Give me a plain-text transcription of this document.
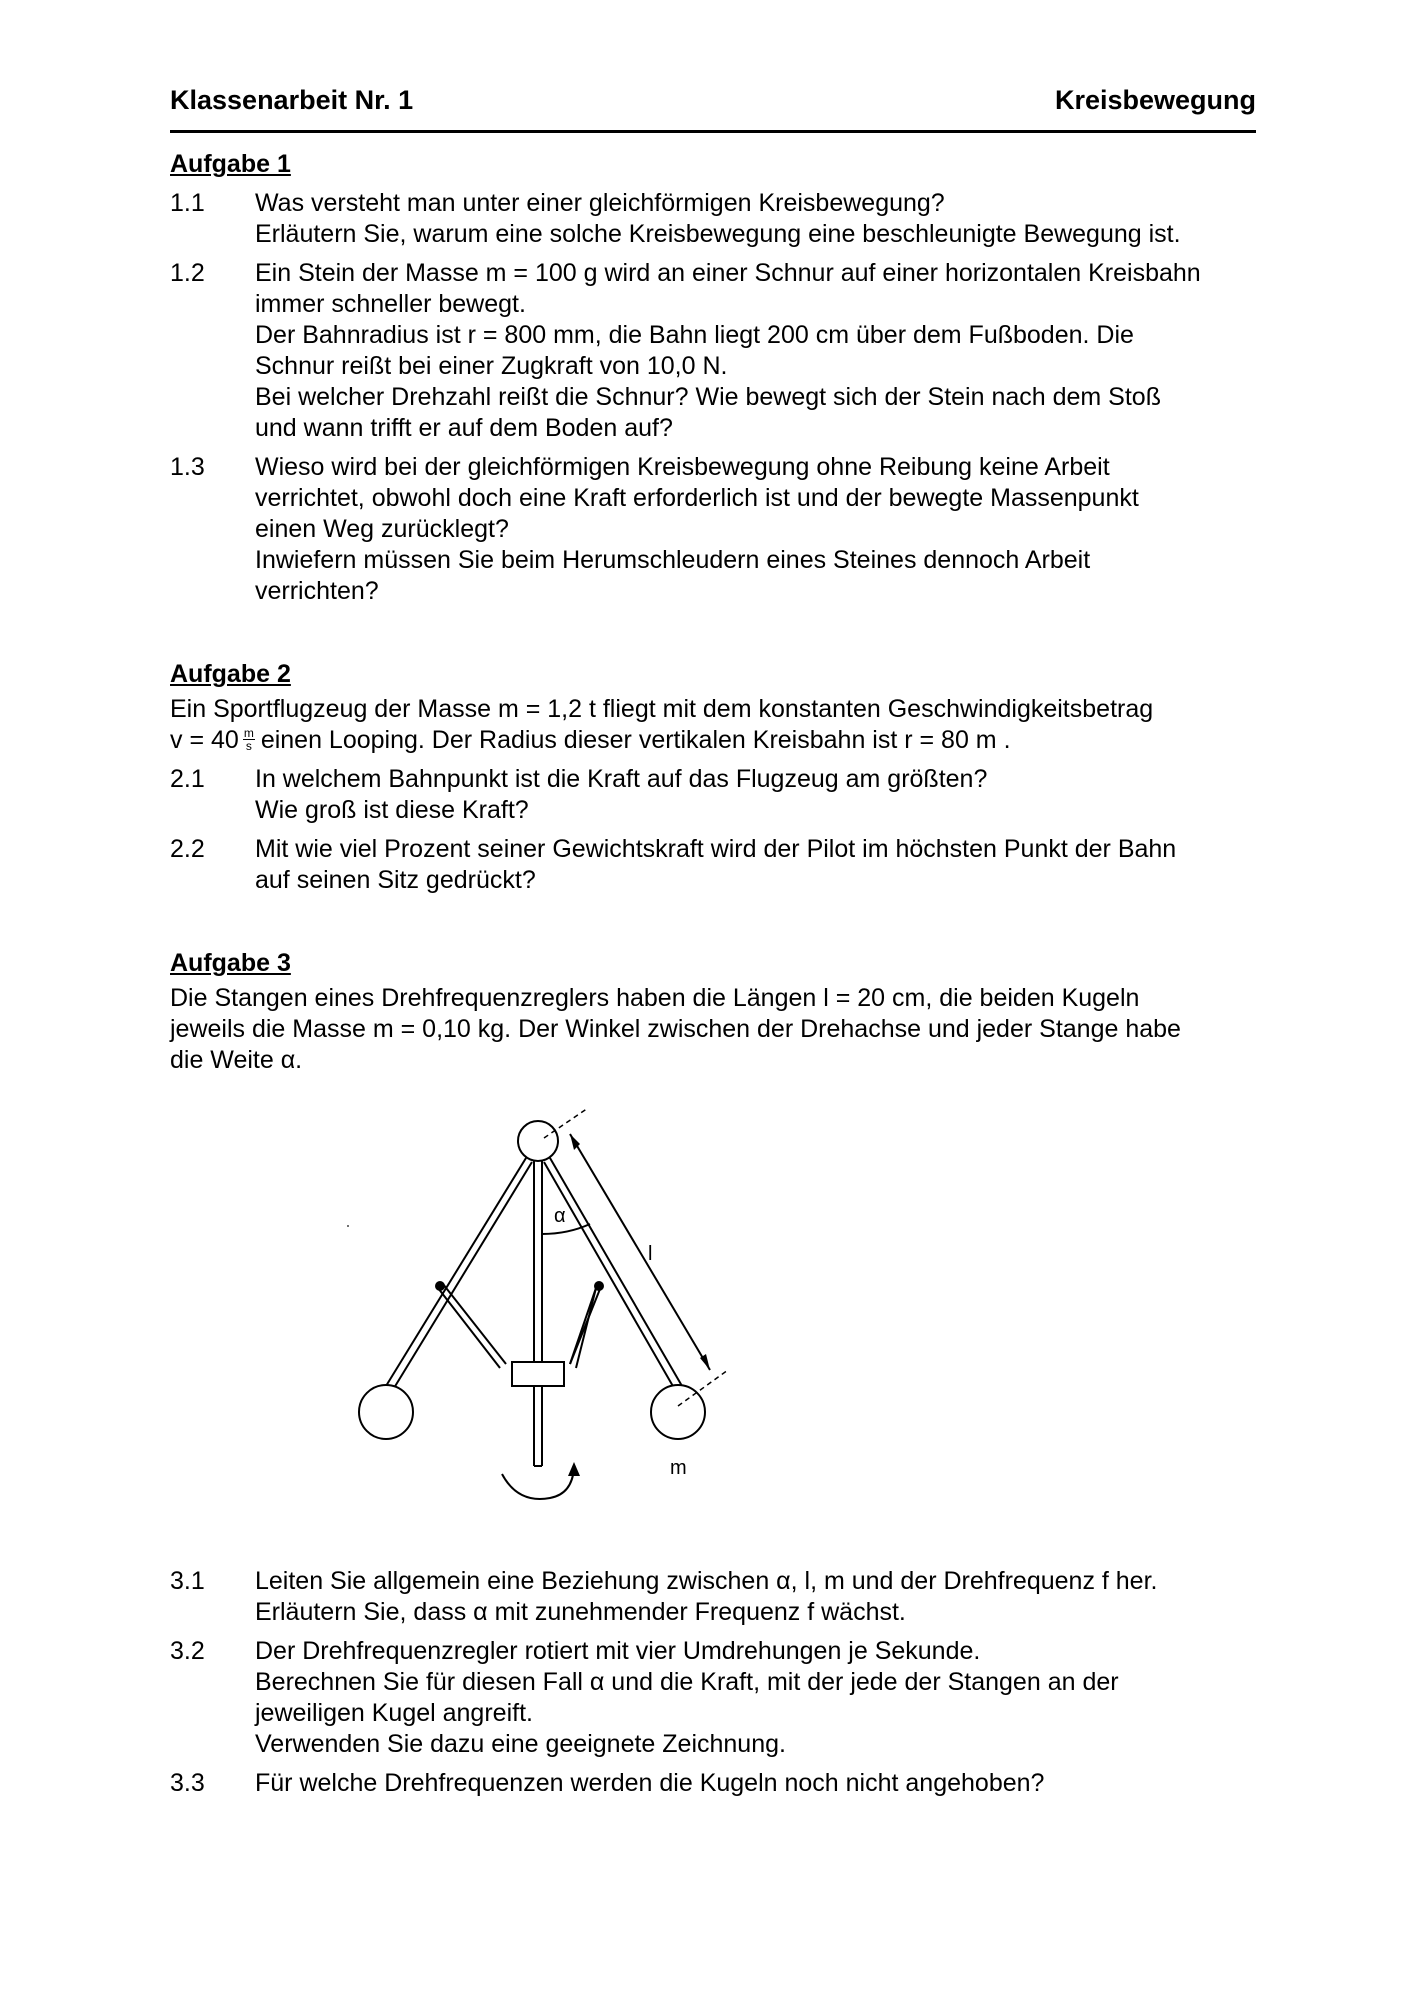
Klassenarbeit Nr. 1	Kreisbewegung
Aufgabe 1
1.1	Was versteht man unter einer gleichförmigen Kreisbewegung?
Erläutern Sie, warum eine solche Kreisbewegung eine beschleunigte Bewegung ist.
1.2	Ein Stein der Masse m = 100 g wird an einer Schnur auf einer horizontalen Kreisbahn
immer schneller bewegt.
Der Bahnradius ist r = 800 mm, die Bahn liegt 200 cm über dem Fußboden. Die
Schnur reißt bei einer Zugkraft von 10,0 N.
Bei welcher Drehzahl reißt die Schnur? Wie bewegt sich der Stein nach dem Stoß
und wann trifft er auf dem Boden auf?
1.3	Wieso wird bei der gleichförmigen Kreisbewegung ohne Reibung keine Arbeit
verrichtet, obwohl doch eine Kraft erforderlich ist und der bewegte Massenpunkt
einen Weg zurücklegt?
Inwiefern müssen Sie beim Herumschleudern eines Steines dennoch Arbeit
verrichten?
Aufgabe 2
Ein Sportflugzeug der Masse m = 1,2 t fliegt mit dem konstanten Geschwindigkeitsbetrag
$v = 40 \frac{m}{s}$ einen Looping. Der Radius dieser vertikalen Kreisbahn ist r = 80 m .
2.1	In welchem Bahnpunkt ist die Kraft auf das Flugzeug am größten?
Wie groß ist diese Kraft?
2.2	Mit wie viel Prozent seiner Gewichtskraft wird der Pilot im höchsten Punkt der Bahn
auf seinen Sitz gedrückt?
Aufgabe 3
Die Stangen eines Drehfrequenzreglers haben die Längen l = 20 cm, die beiden Kugeln
jeweils die Masse m = 0,10 kg. Der Winkel zwischen der Drehachse und jeder Stange habe
die Weite α.
α
l
m
3.1	Leiten Sie allgemein eine Beziehung zwischen α, l, m und der Drehfrequenz f her.
Erläutern Sie, dass α mit zunehmender Frequenz f wächst.
3.2	Der Drehfrequenzregler rotiert mit vier Umdrehungen je Sekunde.
Berechnen Sie für diesen Fall α und die Kraft, mit der jede der Stangen an der
jeweiligen Kugel angreift.
Verwenden Sie dazu eine geeignete Zeichnung.
3.3	Für welche Drehfrequenzen werden die Kugeln noch nicht angehoben?
